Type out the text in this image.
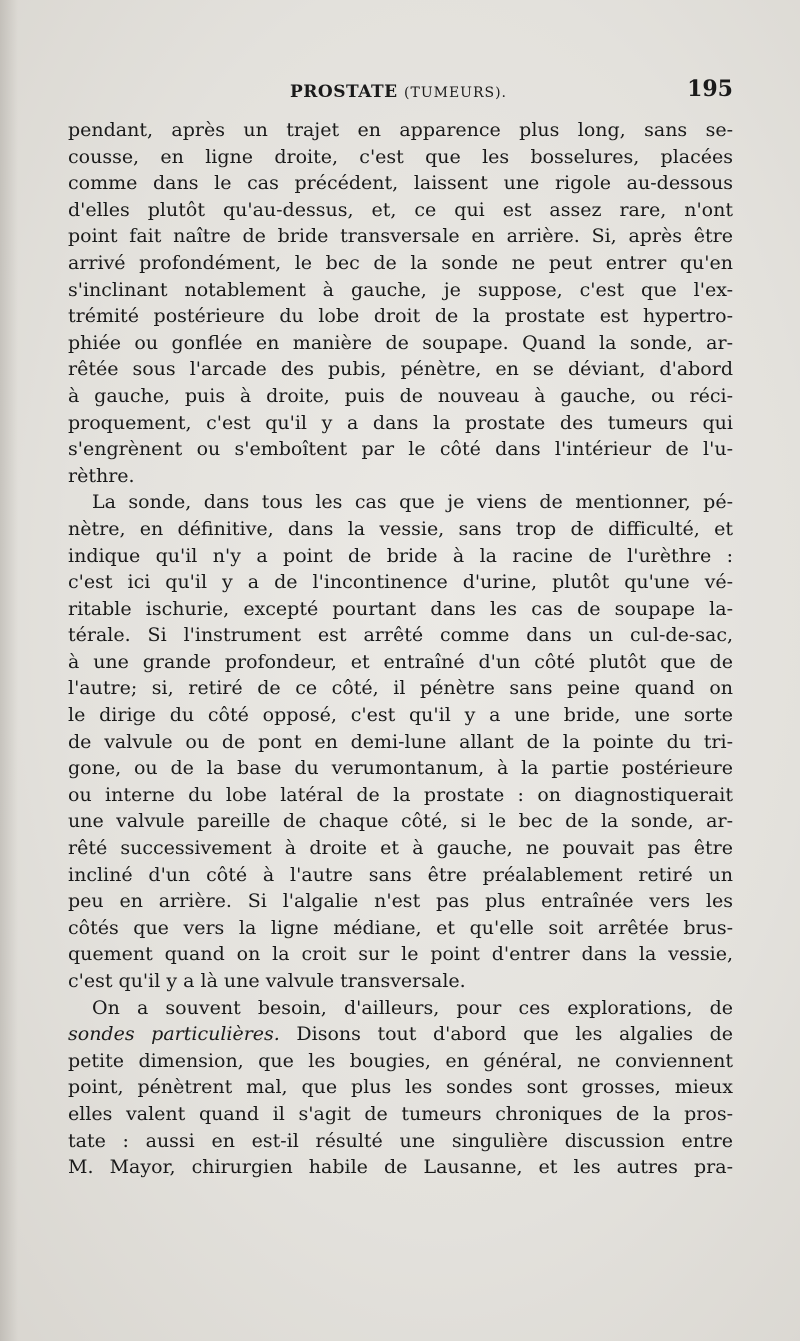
PROSTATE (TUMEURS).	195
pendant, après un trajet en apparence plus long, sans se-
cousse, en ligne droite, c'est que les bosselures, placées
comme dans le cas précédent, laissent une rigole au-dessous
d'elles plutôt qu'au-dessus, et, ce qui est assez rare, n'ont
point fait naître de bride transversale en arrière. Si, après être
arrivé profondément, le bec de la sonde ne peut entrer qu'en
s'inclinant notablement à gauche, je suppose, c'est que l'ex-
trémité postérieure du lobe droit de la prostate est hypertro-
phiée ou gonflée en manière de soupape. Quand la sonde, ar-
rêtée sous l'arcade des pubis, pénètre, en se déviant, d'abord
à gauche, puis à droite, puis de nouveau à gauche, ou réci-
proquement, c'est qu'il y a dans la prostate des tumeurs qui
s'engrènent ou s'emboîtent par le côté dans l'intérieur de l'u-
rèthre.
La sonde, dans tous les cas que je viens de mentionner, pé-
nètre, en définitive, dans la vessie, sans trop de difficulté, et
indique qu'il n'y a point de bride à la racine de l'urèthre :
c'est ici qu'il y a de l'incontinence d'urine, plutôt qu'une vé-
ritable ischurie, excepté pourtant dans les cas de soupape la-
térale. Si l'instrument est arrêté comme dans un cul-de-sac,
à une grande profondeur, et entraîné d'un côté plutôt que de
l'autre; si, retiré de ce côté, il pénètre sans peine quand on
le dirige du côté opposé, c'est qu'il y a une bride, une sorte
de valvule ou de pont en demi-lune allant de la pointe du tri-
gone, ou de la base du verumontanum, à la partie postérieure
ou interne du lobe latéral de la prostate : on diagnostiquerait
une valvule pareille de chaque côté, si le bec de la sonde, ar-
rêté successivement à droite et à gauche, ne pouvait pas être
incliné d'un côté à l'autre sans être préalablement retiré un
peu en arrière. Si l'algalie n'est pas plus entraînée vers les
côtés que vers la ligne médiane, et qu'elle soit arrêtée brus-
quement quand on la croit sur le point d'entrer dans la vessie,
c'est qu'il y a là une valvule transversale.
On a souvent besoin, d'ailleurs, pour ces explorations, de
sondes particulières. Disons tout d'abord que les algalies de
petite dimension, que les bougies, en général, ne conviennent
point, pénètrent mal, que plus les sondes sont grosses, mieux
elles valent quand il s'agit de tumeurs chroniques de la pros-
tate : aussi en est-il résulté une singulière discussion entre
M. Mayor, chirurgien habile de Lausanne, et les autres pra-
